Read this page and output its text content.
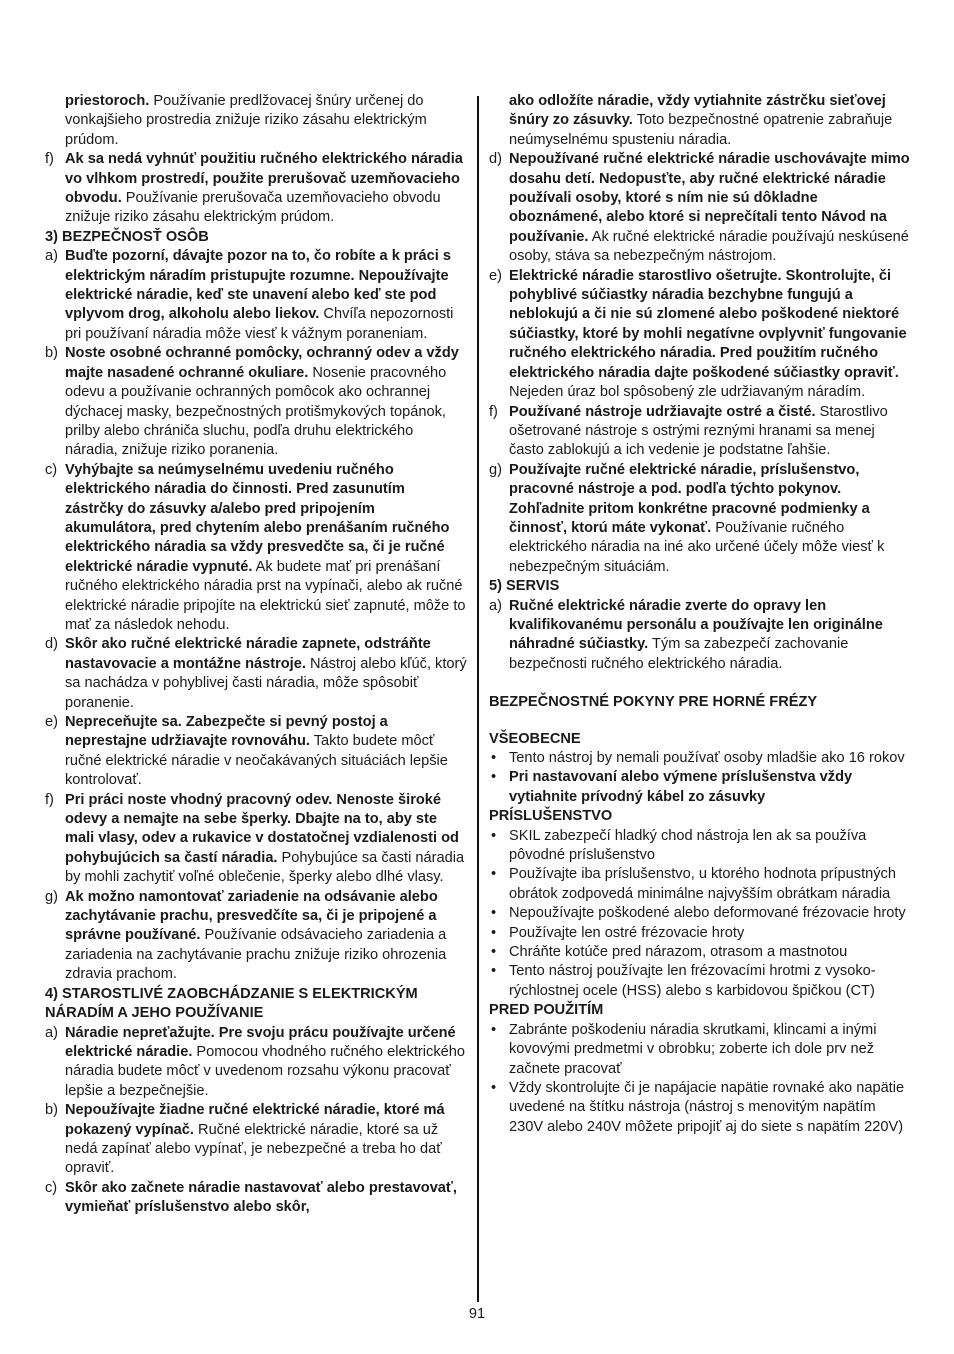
priestoroch. Používanie predlžovacej šnúry určenej do vonkajšieho prostredia znižuje riziko zásahu elektrickým prúdom.

f) Ak sa nedá vyhnúť použitiu ručného elektrického náradia vo vlhkom prostredí, použite prerušovač uzemňovacieho obvodu. Používanie prerušovača uzemňovacieho obvodu znižuje riziko zásahu elektrickým prúdom.

3) BEZPEČNOSŤ OSÔB

a) Buďte pozorní, dávajte pozor na to, čo robíte a k práci s elektrickým náradím pristupujte rozumne. Nepoužívajte elektrické náradie, keď ste unavení alebo keď ste pod vplyvom drog, alkoholu alebo liekov. Chvíľa nepozornosti pri používaní náradia môže viesť k vážnym poraneniam.

b) Noste osobné ochranné pomôcky, ochranný odev a vždy majte nasadené ochranné okuliare. Nosenie pracovného odevu a používanie ochranných pomôcok ako ochrannej dýchacej masky, bezpečnostných protišmykových topánok, prilby alebo chrániča sluchu, podľa druhu elektrického náradia, znižuje riziko poranenia.

c) Vyhýbajte sa neúmyselnému uvedeniu ručného elektrického náradia do činnosti. Pred zasunutím zástrčky do zásuvky a/alebo pred pripojením akumulátora, pred chytením alebo prenášaním ručného elektrického náradia sa vždy presvedčte sa, či je ručné elektrické náradie vypnuté. Ak budete mať pri prenášaní ručného elektrického náradia prst na vypínači, alebo ak ručné elektrické náradie pripojíte na elektrickú sieť zapnuté, môže to mať za následok nehodu.

d) Skôr ako ručné elektrické náradie zapnete, odstráňte nastavovacie a montážne nástroje. Nástroj alebo kľúč, ktorý sa nachádza v pohyblivej časti náradia, môže spôsobiť poranenie.

e) Nepreceňujte sa. Zabezpečte si pevný postoj a neprestajne udržiavajte rovnováhu. Takto budete môcť ručné elektrické náradie v neočakávaných situáciách lepšie kontrolovať.

f) Pri práci noste vhodný pracovný odev. Nenoste široké odevy a nemajte na sebe šperky. Dbajte na to, aby ste mali vlasy, odev a rukavice v dostatočnej vzdialenosti od pohybujúcich sa častí náradia. Pohybujúce sa časti náradia by mohli zachytiť voľné oblečenie, šperky alebo dlhé vlasy.

g) Ak možno namontovať zariadenie na odsávanie alebo zachytávanie prachu, presvedčíte sa, či je pripojené a správne používané. Používanie odsávacieho zariadenia a zariadenia na zachytávanie prachu znižuje riziko ohrozenia zdravia prachom.

4) STAROSTLIVÉ ZAOBCHÁDZANIE S ELEKTRICKÝM NÁRADÍM A JEHO POUŽÍVANIE

a) Náradie nepreťažujte. Pre svoju prácu používajte určené elektrické náradie. Pomocou vhodného ručného elektrického náradia budete môcť v uvedenom rozsahu výkonu pracovať lepšie a bezpečnejšie.

b) Nepoužívajte žiadne ručné elektrické náradie, ktoré má pokazený vypínač. Ručné elektrické náradie, ktoré sa už nedá zapínať alebo vypínať, je nebezpečné a treba ho dať opraviť.

c) Skôr ako začnete náradie nastavovať alebo prestavovať, vymieňať príslušenstvo alebo skôr,

ako odložíte náradie, vždy vytiahnite zástrčku sieťovej šnúry zo zásuvky. Toto bezpečnostné opatrenie zabraňuje neúmyselnému spusteniu náradia.

d) Nepoužívané ručné elektrické náradie uschovávajte mimo dosahu detí. Nedopusťte, aby ručné elektrické náradie používali osoby, ktoré s ním nie sú dôkladne oboznámené, alebo ktoré si neprečítali tento Návod na používanie. Ak ručné elektrické náradie používajú neskúsené osoby, stáva sa nebezpečným nástrojom.

e) Elektrické náradie starostlivo ošetrujte. Skontrolujte, či pohyblivé súčiastky náradia bezchybne fungujú a neblokujú a či nie sú zlomené alebo poškodené niektoré súčiastky, ktoré by mohli negatívne ovplyvniť fungovanie ručného elektrického náradia. Pred použitím ručného elektrického náradia dajte poškodené súčiastky opraviť. Nejeden úraz bol spôsobený zle udržiavaným náradím.

f) Používané nástroje udržiavajte ostré a čisté. Starostlivo ošetrované nástroje s ostrými reznými hranami sa menej často zablokujú a ich vedenie je podstatne ľahšie.

g) Používajte ručné elektrické náradie, príslušenstvo, pracovné nástroje a pod. podľa týchto pokynov. Zohľadnite pritom konkrétne pracovné podmienky a činnosť, ktorú máte vykonať. Používanie ručného elektrického náradia na iné ako určené účely môže viesť k nebezpečným situáciám.

5) SERVIS

a) Ručné elektrické náradie zverte do opravy len kvalifikovanému personálu a používajte len originálne náhradné súčiastky. Tým sa zabezpečí zachovanie bezpečnosti ručného elektrického náradia.

BEZPEČNOSTNÉ POKYNY PRE HORNÉ FRÉZY

VŠEOBECNE

• Tento nástroj by nemali používať osoby mladšie ako 16 rokov

• Pri nastavovaní alebo výmene príslušenstva vždy vytiahnite prívodný kábel zo zásuvky

PRÍSLUŠENSTVO

• SKIL zabezpečí hladký chod nástroja len ak sa používa pôvodné príslušenstvo

• Používajte iba príslušenstvo, u ktorého hodnota prípustných obrátok zodpovedá minimálne najvyšším obrátkam náradia

• Nepoužívajte poškodené alebo deformované frézovacie hroty

• Používajte len ostré frézovacie hroty

• Chráňte kotúče pred nárazom, otrasom a mastnotou

• Tento nástroj používajte len frézovacími hrotmi z vysoko-rýchlostnej ocele (HSS) alebo s karbidovou špičkou (CT)

PRED POUŽITÍM

• Zabránte poškodeniu náradia skrutkami, klincami a inými kovovými predmetmi v obrobku; zoberte ich dole prv než začnete pracovať

• Vždy skontrolujte či je napájacie napätie rovnaké ako napätie uvedené na štítku nástroja (nástroj s menovitým napätím 230V alebo 240V môžete pripojiť aj do siete s napätím 220V)

91
